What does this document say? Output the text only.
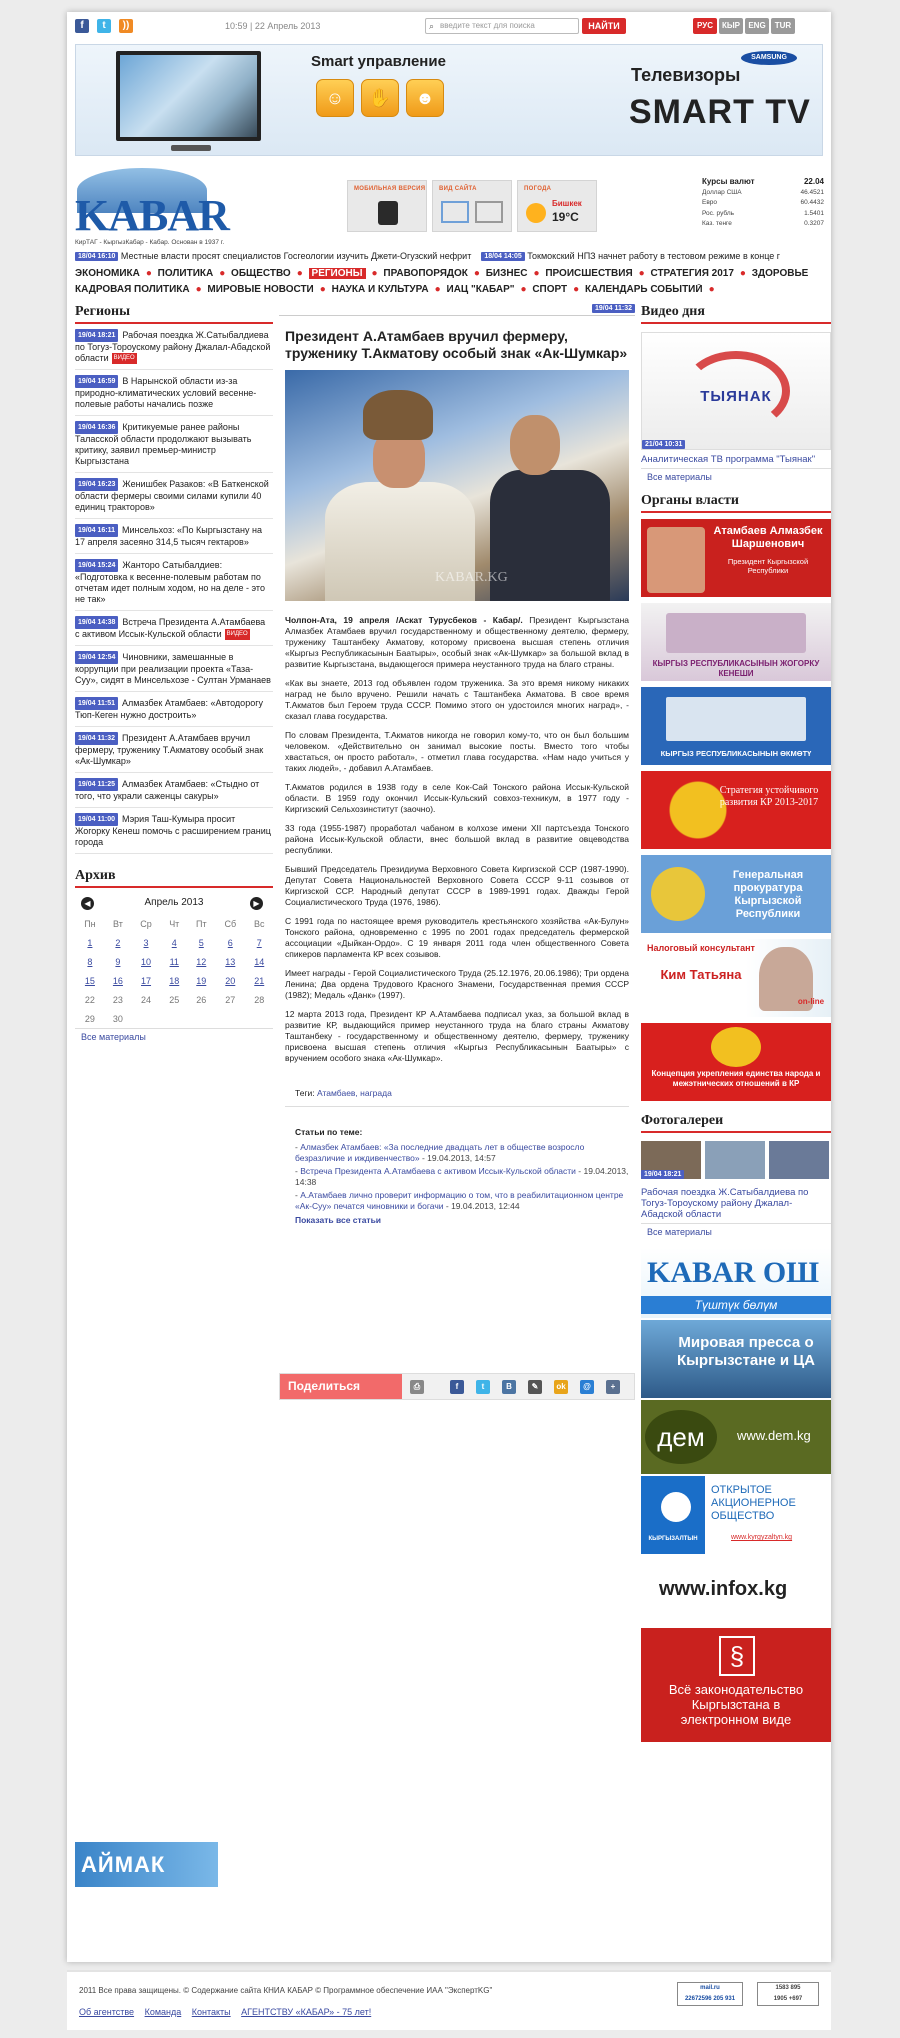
f	t	))	10:59 | 22 Апрель 2013	⌕ введите текст для поиска	НАЙТИ	РУС	КЫР	ENG	TUR
Smart управление
☺	✋	☻
SAMSUNG
Телевизоры
SMART TV
KABAR
КирТАГ - КыргызКабар - Кабар. Основан в 1937 г.
МОБИЛЬНАЯ ВЕРСИЯ ВИД САЙТА	ПОГОДА
Бишкек
19°C
Курсы валют	22.04
Доллар США	46.4521
Евро	60.4432
Рос. рубль	1.5401
Каз. тенге	0.3207
18/04 16:10 Местные власти просят специалистов Госгеологии изучить Джети-Огузский нефрит 18/04 14:05 Токмокский НПЗ начнет работу в тестовом режиме в конце г
ЭКОНОМИКА ● ПОЛИТИКА ● ОБЩЕСТВО ● РЕГИОНЫ ● ПРАВОПОРЯДОК ● БИЗНЕС ● ПРОИСШЕСТВИЯ ● СТРАТЕГИЯ 2017 ● ЗДОРОВЬЕ
КАДРОВАЯ ПОЛИТИКА ● МИРОВЫЕ НОВОСТИ ● НАУКА И КУЛЬТУРА ● ИАЦ "КАБАР" ● СПОРТ ● КАЛЕНДАРЬ СОБЫТИЙ ●
Регионы
19/04 18:21 Рабочая поездка Ж.Сатыбалдиева по Тогуз-Тороускому району Джалал-Абадской области ВИДЕО
19/04 16:59 В Нарынской области из-за природно-климатических условий весенне-полевые работы начались позже
19/04 16:36 Критикуемые ранее районы Таласской области продолжают вызывать критику, заявил премьер-министр Кыргызстана
19/04 16:23 Женишбек Разаков: «В Баткенской области фермеры своими силами купили 40 единиц тракторов»
19/04 16:11 Минсельхоз: «По Кыргызстану на 17 апреля засеяно 314,5 тысяч гектаров»
19/04 15:24 Жанторо Сатыбалдиев: «Подготовка к весенне-полевым работам по отчетам идет полным ходом, но на деле - это не так»
19/04 14:38 Встреча Президента А.Атамбаева с активом Иссык-Кульской области ВИДЕО
19/04 12:54 Чиновники, замешанные в коррупции при реализации проекта «Таза-Суу», сидят в Минсельхозе - Султан Урманаев
19/04 11:51 Алмазбек Атамбаев: «Автодорогу Тюп-Кеген нужно достроить»
19/04 11:32 Президент А.Атамбаев вручил фермеру, труженику Т.Акматову особый знак «Ак-Шумкар»
19/04 11:25 Алмазбек Атамбаев: «Стыдно от того, что украли саженцы сакуры»
19/04 11:00 Мэрия Таш-Кумыра просит Жогорку Кенеш помочь с расширением границ города
Архив
◀	Апрель 2013	▶
Пн	Вт	Ср	Чт	Пт	Сб	Вс
1	2	3	4	5	6	7
8	9	10	11	12	13	14
15	16	17	18	19	20	21
22	23	24	25	26	27	28
29	30					
Все материалы
АЙМАК NEWS
19/04 11:32
Президент А.Атамбаев вручил фермеру, труженику Т.Акматову особый знак «Ак-Шумкар»
KABAR.KG

Чолпон-Ата, 19 апреля /Аскат Турусбеков - Кабар/. Президент Кыргызстана Алмазбек Атамбаев вручил государственному и общественному деятелю, фермеру, труженику Таштанбеку Акматову, которому присвоена высшая степень отличия «Кыргыз Республикасынын Баатыры», особый знак «Ак-Шумкар» за большой вклад в развитие Кыргызстана, выдающегося примера неустанного труда на благо страны.

«Как вы знаете, 2013 год объявлен годом труженика. За это время никому никаких наград не было вручено. Решили начать с Таштанбека Акматова. В свое время Т.Акматов был Героем труда СССР. Помимо этого он удостоился многих наград», - сказал глава государства.

По словам Президента, Т.Акматов никогда не говорил кому-то, что он был большим человеком. «Действительно он занимал высокие посты. Вместо того чтобы хвастаться, он просто работал», - отметил глава государства. «Нам надо учиться у таких людей», - добавил А.Атамбаев.

Т.Акматов родился в 1938 году в селе Кок-Сай Тонского района Иссык-Кульской области. В 1959 году окончил Иссык-Кульский совхоз-техникум, в 1977 году - Киргизский Сельхозинститут (заочно).

33 года (1955-1987) проработал чабаном в колхозе имени XII партсъезда Тонского района Иссык-Кульской области, внес большой вклад в развитие овцеводства республики.

Бывший Председатель Президиума Верховного Совета Киргизской ССР (1987-1990). Депутат Совета Национальностей Верховного Совета СССР 9-11 созывов от Киргизской ССР. Народный депутат СССР в 1989-1991 годах. Дважды Герой Социалистического Труда (1976, 1986).

С 1991 года по настоящее время руководитель крестьянского хозяйства «Ак-Булун» Тонского района, одновременно с 1995 по 2001 годах председатель фермерской ассоциации «Дыйкан-Ордо». С 19 января 2011 года член общественного Совета спикеров парламента КР всех созывов.

Имеет награды - Герой Социалистического Труда (25.12.1976, 20.06.1986); Три ордена Ленина; Два ордена Трудового Красного Знамени, Государственная премия СССР (1982); Медаль «Данк» (1997).

12 марта 2013 года, Президент КР А.Атамбаева подписал указ, за большой вклад в развитие КР, выдающийся пример неустанного труда на благо страны Акматову Таштанбеку - государственному и общественному деятелю, фермеру, труженику присвоена высшая степень отличия «Кыргыз Республикасынын Баатыры» с вручением особого знака «Ак-Шумкар».

Теги: Атамбаев, награда
Статьи по теме:
- Алмазбек Атамбаев: «За последние двадцать лет в обществе возросло безразличие и иждивенчество» - 19.04.2013, 14:57
- Встреча Президента А.Атамбаева с активом Иссык-Кульской области - 19.04.2013, 14:38
- А.Атамбаев лично проверит информацию о том, что в реабилитационном центре «Ак-Суу» печатся чиновники и богачи - 19.04.2013, 12:44
Показать все статьи
Поделиться	⎙	f	t	B	✎	ok	@	+
Видео дня
ТЫЯНАК
21/04 10:31
Аналитическая ТВ программа "Тыянак"
Все материалы
Органы власти
Атамбаев Алмазбек Шаршенович
Президент Кыргызской Республики
КЫРГЫЗ РЕСПУБЛИКАСЫНЫН ЖОГОРКУ КЕНЕШИ
КЫРГЫЗ РЕСПУБЛИКАСЫНЫН ӨКМӨТҮ
Стратегия устойчивого развития КР 2013-2017
Генеральная прокуратура Кыргызской Республики
Налоговый консультант
Ким Татьяна
on-line
Концепция укрепления единства народа и межэтнических отношений в КР
Фотогалереи
19/04 18:21
Рабочая поездка Ж.Сатыбалдиева по Тогуз-Тороускому району Джалал-Абадской области
Все материалы
KABAR ОШ
Түштүк бөлүм
Мировая пресса о Кыргызстане и ЦА
дем	www.dem.kg
КЫРГЫЗАЛТЫН
ОТКРЫТОЕ АКЦИОНЕРНОЕ ОБЩЕСТВО
www.kyrgyzaltyn.kg
www.infox.kg
§
Всё законодательство Кыргызстана в электронном виде
2011 Все права защищены. © Содержание сайта КНИА КАБАР © Программное обеспечение ИАА "ЭкспертKG"
Об агентстве Команда Контакты АГЕНТСТВУ «КАБАР» - 75 лет!
mail.ru
22672596 205 931
1583 895
1905 +697
